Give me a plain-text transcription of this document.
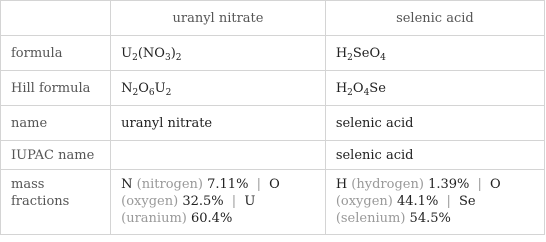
	uranyl nitrate	selenic acid
formula	$U_2(NO_3)_2$	$H_2SeO_4$
Hill formula	$N_2O_6U_2$	$H_2O_4Se$
name	uranyl nitrate	selenic acid
IUPAC name		selenic acid
mass fractions	N (nitrogen) 7.11% | O (oxygen) 32.5% | U (uranium) 60.4%	H (hydrogen) 1.39% | O (oxygen) 44.1% | Se (selenium) 54.5%
